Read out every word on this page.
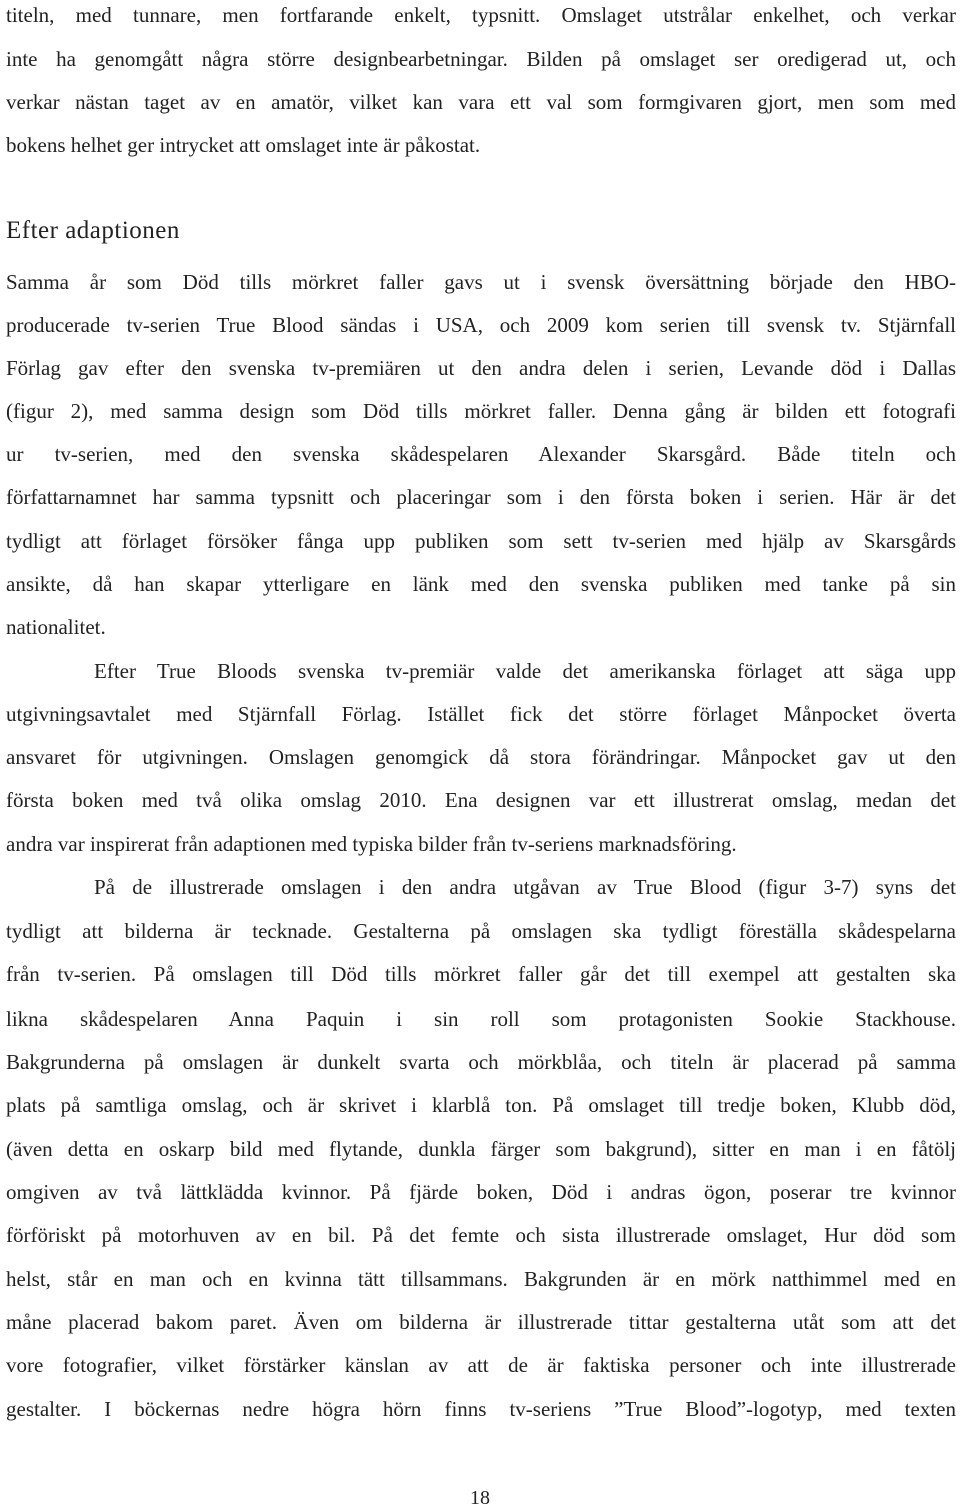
titeln, med tunnare, men fortfarande enkelt, typsnitt. Omslaget utstrålar enkelhet, och verkar
inte ha genomgått några större designbearbetningar. Bilden på omslaget ser oredigerad ut, och
verkar nästan taget av en amatör, vilket kan vara ett val som formgivaren gjort, men som med
bokens helhet ger intrycket att omslaget inte är påkostat.
Efter adaptionen
Samma år som Död tills mörkret faller gavs ut i svensk översättning började den HBO-
producerade tv-serien True Blood sändas i USA, och 2009 kom serien till svensk tv. Stjärnfall
Förlag gav efter den svenska tv-premiären ut den andra delen i serien, Levande död i Dallas
(figur 2), med samma design som Död tills mörkret faller. Denna gång är bilden ett fotografi
ur tv-serien, med den svenska skådespelaren Alexander Skarsgård. Både titeln och
författarnamnet har samma typsnitt och placeringar som i den första boken i serien. Här är det
tydligt att förlaget försöker fånga upp publiken som sett tv-serien med hjälp av Skarsgårds
ansikte, då han skapar ytterligare en länk med den svenska publiken med tanke på sin
nationalitet.
Efter True Bloods svenska tv-premiär valde det amerikanska förlaget att säga upp
utgivningsavtalet med Stjärnfall Förlag. Istället fick det större förlaget Månpocket överta
ansvaret för utgivningen. Omslagen genomgick då stora förändringar. Månpocket gav ut den
första boken med två olika omslag 2010. Ena designen var ett illustrerat omslag, medan det
andra var inspirerat från adaptionen med typiska bilder från tv-seriens marknadsföring.
På de illustrerade omslagen i den andra utgåvan av True Blood (figur 3-7) syns det
tydligt att bilderna är tecknade. Gestalterna på omslagen ska tydligt föreställa skådespelarna
från tv-serien. På omslagen till Död tills mörkret faller går det till exempel att gestalten ska
likna skådespelaren Anna Paquin i sin roll som protagonisten Sookie Stackhouse.
Bakgrunderna på omslagen är dunkelt svarta och mörkblåa, och titeln är placerad på samma
plats på samtliga omslag, och är skrivet i klarblå ton. På omslaget till tredje boken, Klubb död,
(även detta en oskarp bild med flytande, dunkla färger som bakgrund), sitter en man i en fåtölj
omgiven av två lättklädda kvinnor. På fjärde boken, Död i andras ögon, poserar tre kvinnor
förföriskt på motorhuven av en bil. På det femte och sista illustrerade omslaget, Hur död som
helst, står en man och en kvinna tätt tillsammans. Bakgrunden är en mörk natthimmel med en
måne placerad bakom paret. Även om bilderna är illustrerade tittar gestalterna utåt som att det
vore fotografier, vilket förstärker känslan av att de är faktiska personer och inte illustrerade
gestalter. I böckernas nedre högra hörn finns tv-seriens ”True Blood”-logotyp, med texten
18
